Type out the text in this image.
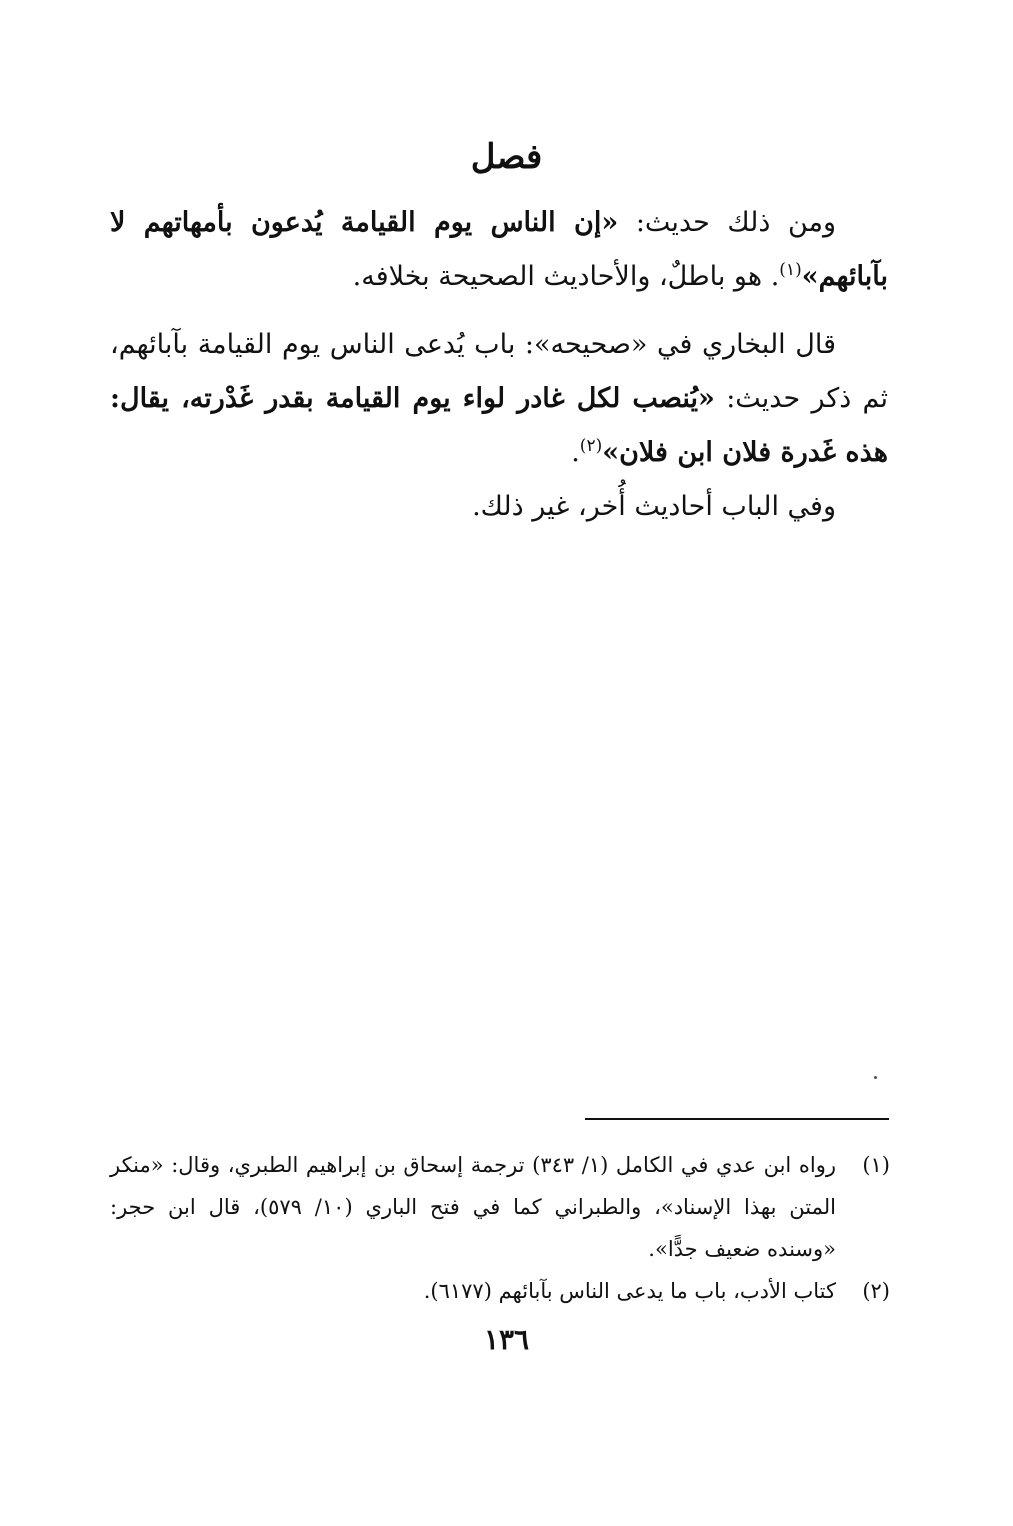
فصل
ومن ذلك حديث: «إن الناس يوم القيامة يُدعون بأمهاتهم لا بآبائهم»$^{(١)}$. هو باطلٌ، والأحاديث الصحيحة بخلافه.
قال البخاري في «صحيحه»: باب يُدعى الناس يوم القيامة بآبائهم، ثم ذكر حديث: «يُنصب لكل غادر لواء يوم القيامة بقدر غَدْرته، يقال: هذه غَدرة فلان ابن فلان»$^{(٢)}$.
وفي الباب أحاديث أُخر، غير ذلك.
(١)
رواه ابن عدي في الكامل (١/ ٣٤٣) ترجمة إسحاق بن إبراهيم الطبري، وقال: «منكر المتن بهذا الإسناد»، والطبراني كما في فتح الباري (١٠/ ٥٧٩)، قال ابن حجر: «وسنده ضعيف جدًّا».
(٢)
كتاب الأدب، باب ما يدعى الناس بآبائهم (٦١٧٧).
١٣٦
